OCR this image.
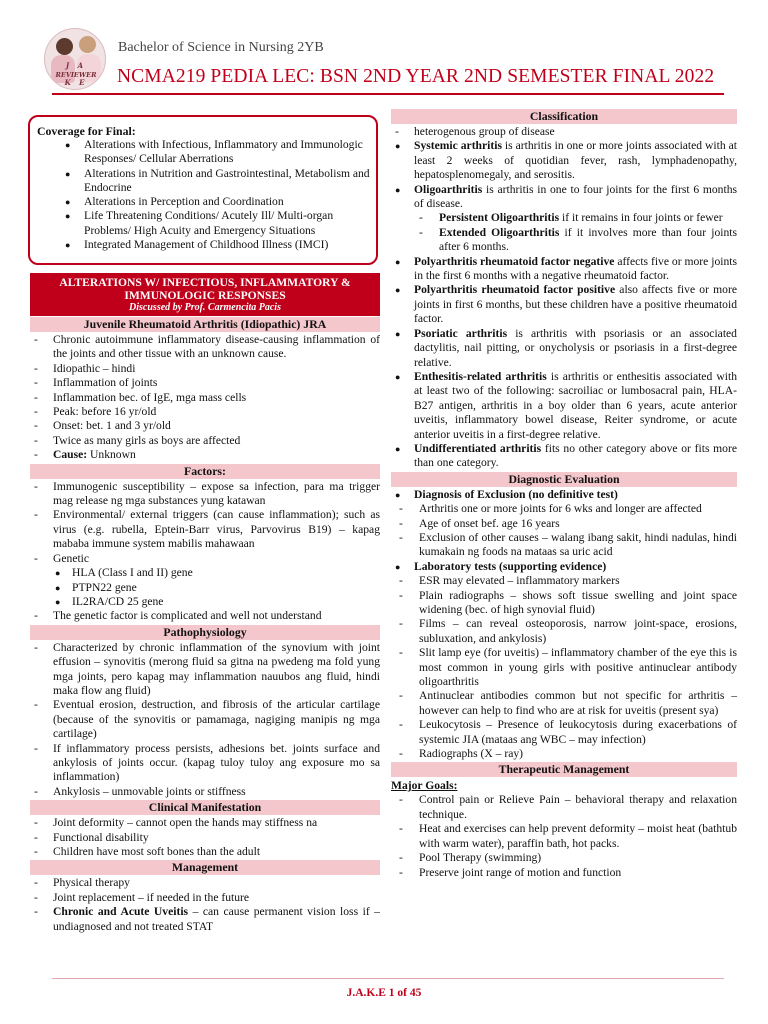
J A
REVIEWER
K E
Bachelor of Science in Nursing 2YB
NCMA219 PEDIA LEC: BSN 2ND YEAR 2ND SEMESTER FINAL 2022
Coverage for Final:
● Alterations with Infectious, Inflammatory and Immunologic Responses/ Cellular Aberrations
● Alterations in Nutrition and Gastrointestinal, Metabolism and Endocrine
● Alterations in Perception and Coordination
● Life Threatening Conditions/ Acutely Ill/ Multi-organ Problems/ High Acuity and Emergency Situations
● Integrated Management of Childhood Illness (IMCI)
ALTERATIONS W/ INFECTIOUS, INFLAMMATORY & IMMUNOLOGIC RESPONSES
Discussed by Prof. Carmencita Pacis
Juvenile Rheumatoid Arthritis (Idiopathic) JRA
- Chronic autoimmune inflammatory disease-causing inflammation of the joints and other tissue with an unknown cause.
- Idiopathic – hindi
- Inflammation of joints
- Inflammation bec. of IgE, mga mass cells
- Peak: before 16 yr/old
- Onset: bet. 1 and 3 yr/old
- Twice as many girls as boys are affected
- Cause: Unknown
Factors:
- Immunogenic susceptibility – expose sa infection, para ma trigger mag release ng mga substances yung katawan
- Environmental/ external triggers (can cause inflammation); such as virus (e.g. rubella, Eptein-Barr virus, Parvovirus B19) – kapag mababa immune system mabilis mahawaan
- Genetic
● HLA (Class I and II) gene
● PTPN22 gene
● IL2RA/CD 25 gene
- The genetic factor is complicated and well not understand
Pathophysiology
- Characterized by chronic inflammation of the synovium with joint effusion – synovitis (merong fluid sa gitna na pwedeng ma fold yung mga joints, pero kapag may inflammation nauubos ang fluid, hindi maka flow ang fluid)
- Eventual erosion, destruction, and fibrosis of the articular cartilage (because of the synovitis or pamamaga, nagiging manipis ng mga cartilage)
- If inflammatory process persists, adhesions bet. joints surface and ankylosis of joints occur. (kapag tuloy tuloy ang exposure mo sa inflammation)
- Ankylosis – unmovable joints or stiffness
Clinical Manifestation
- Joint deformity – cannot open the hands may stiffness na
- Functional disability
- Children have most soft bones than the adult
Management
- Physical therapy
- Joint replacement – if needed in the future
- Chronic and Acute Uveitis – can cause permanent vision loss if – undiagnosed and not treated STAT
Classification
- heterogenous group of disease
● Systemic arthritis is arthritis in one or more joints associated with at least 2 weeks of quotidian fever, rash, lymphadenopathy, hepatosplenomegaly, and serositis.
● Oligoarthritis is arthritis in one to four joints for the first 6 months of disease.
- Persistent Oligoarthritis if it remains in four joints or fewer
- Extended Oligoarthritis if it involves more than four joints after 6 months.
● Polyarthritis rheumatoid factor negative affects five or more joints in the first 6 months with a negative rheumatoid factor.
● Polyarthritis rheumatoid factor positive also affects five or more joints in first 6 months, but these children have a positive rheumatoid factor.
● Psoriatic arthritis is arthritis with psoriasis or an associated dactylitis, nail pitting, or onycholysis or psoriasis in a first-degree relative.
● Enthesitis-related arthritis is arthritis or enthesitis associated with at least two of the following: sacroiliac or lumbosacral pain, HLA-B27 antigen, arthritis in a boy older than 6 years, acute anterior uveitis, inflammatory bowel disease, Reiter syndrome, or acute anterior uveitis in a first-degree relative.
● Undifferentiated arthritis fits no other category above or fits more than one category.
Diagnostic Evaluation
● Diagnosis of Exclusion (no definitive test)
- Arthritis one or more joints for 6 wks and longer are affected
- Age of onset bef. age 16 years
- Exclusion of other causes – walang ibang sakit, hindi nadulas, hindi kumakain ng foods na mataas sa uric acid
● Laboratory tests (supporting evidence)
- ESR may elevated – inflammatory markers
- Plain radiographs – shows soft tissue swelling and joint space widening (bec. of high synovial fluid)
- Films – can reveal osteoporosis, narrow joint-space, erosions, subluxation, and ankylosis)
- Slit lamp eye (for uveitis) – inflammatory chamber of the eye this is most common in young girls with positive antinuclear antibody oligoarthritis
- Antinuclear antibodies common but not specific for arthritis – however can help to find who are at risk for uveitis (present sya)
- Leukocytosis – Presence of leukocytosis during exacerbations of systemic JIA (mataas ang WBC – may infection)
- Radiographs (X – ray)
Therapeutic Management
Major Goals:
- Control pain or Relieve Pain – behavioral therapy and relaxation technique.
- Heat and exercises can help prevent deformity – moist heat (bathtub with warm water), paraffin bath, hot packs.
- Pool Therapy (swimming)
- Preserve joint range of motion and function
J.A.K.E 1 of 45
